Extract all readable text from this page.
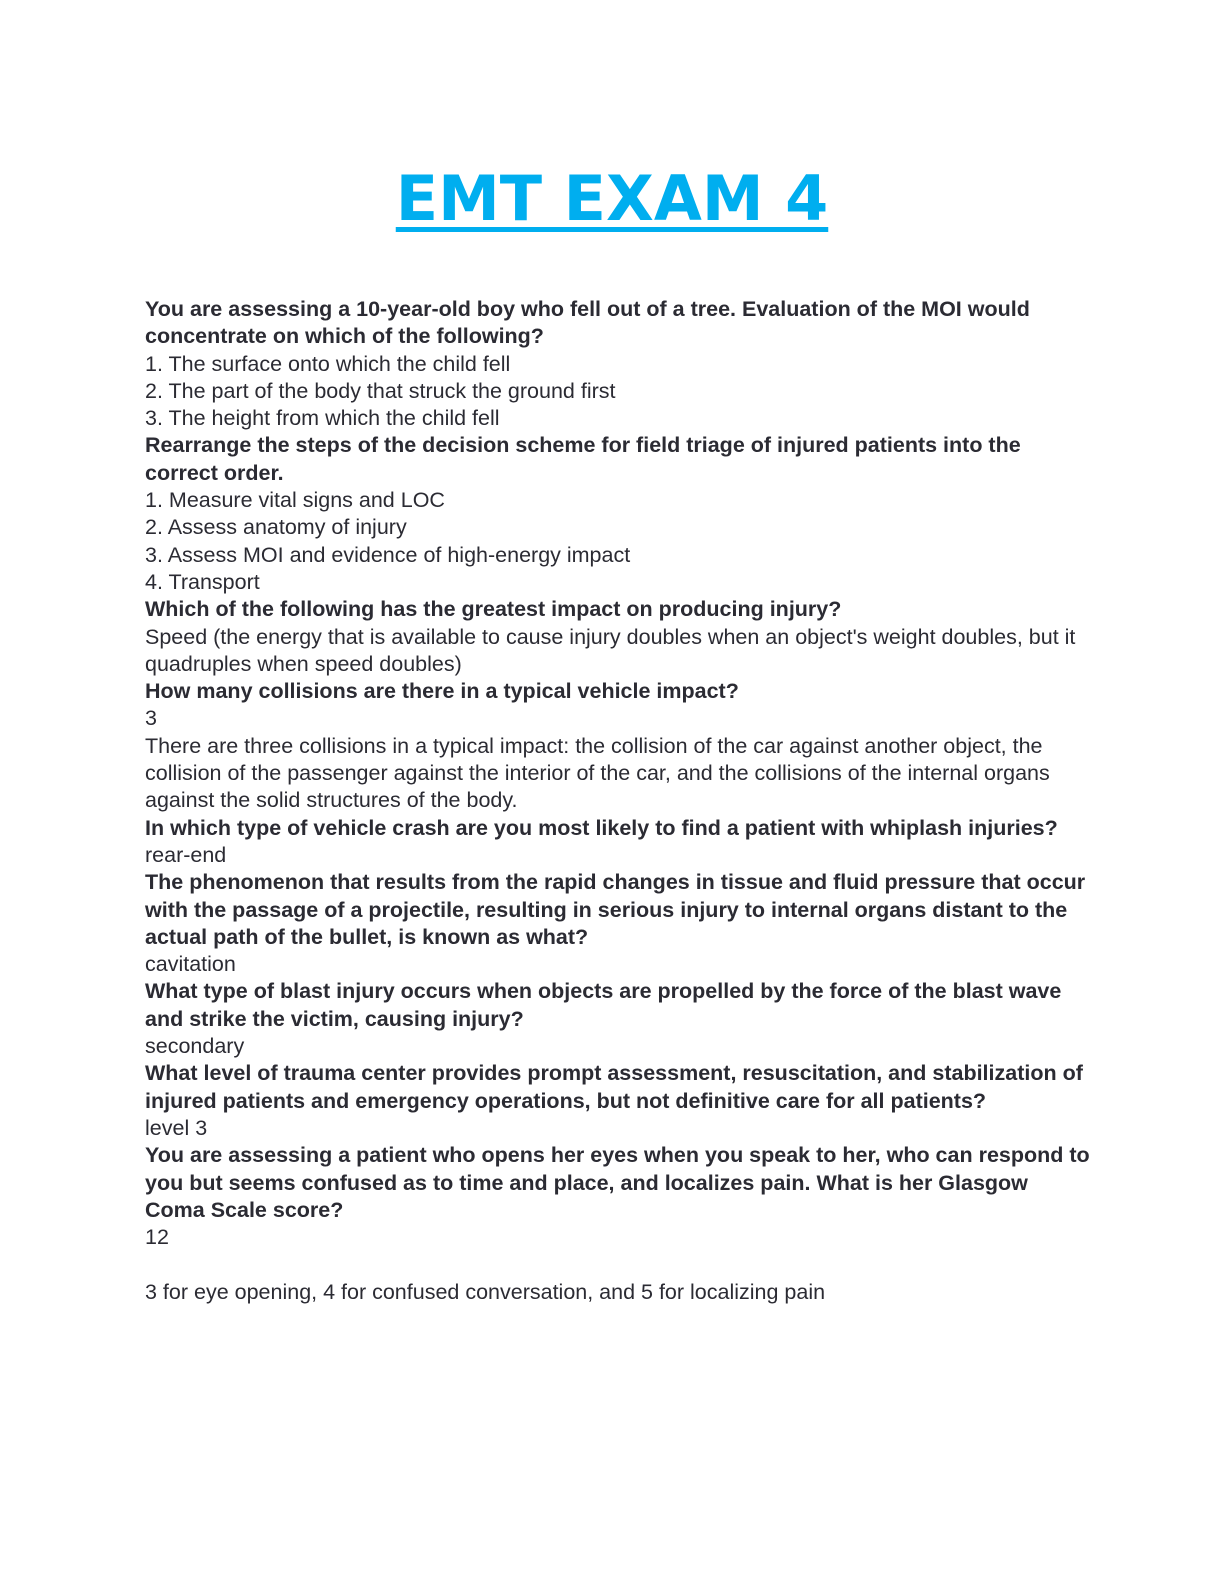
EMT EXAM 4
You are assessing a 10-year-old boy who fell out of a tree. Evaluation of the MOI would concentrate on which of the following?
1. The surface onto which the child fell
2. The part of the body that struck the ground first
3. The height from which the child fell
Rearrange the steps of the decision scheme for field triage of injured patients into the correct order.
1. Measure vital signs and LOC
2. Assess anatomy of injury
3. Assess MOI and evidence of high-energy impact
4. Transport
Which of the following has the greatest impact on producing injury?
Speed (the energy that is available to cause injury doubles when an object's weight doubles, but it quadruples when speed doubles)
How many collisions are there in a typical vehicle impact?
3
There are three collisions in a typical impact: the collision of the car against another object, the collision of the passenger against the interior of the car, and the collisions of the internal organs against the solid structures of the body.
In which type of vehicle crash are you most likely to find a patient with whiplash injuries?
rear-end
The phenomenon that results from the rapid changes in tissue and fluid pressure that occur with the passage of a projectile, resulting in serious injury to internal organs distant to the actual path of the bullet, is known as what?
cavitation
What type of blast injury occurs when objects are propelled by the force of the blast wave and strike the victim, causing injury?
secondary
What level of trauma center provides prompt assessment, resuscitation, and stabilization of injured patients and emergency operations, but not definitive care for all patients?
level 3
You are assessing a patient who opens her eyes when you speak to her, who can respond to you but seems confused as to time and place, and localizes pain. What is her Glasgow Coma Scale score?
12
3 for eye opening, 4 for confused conversation, and 5 for localizing pain
